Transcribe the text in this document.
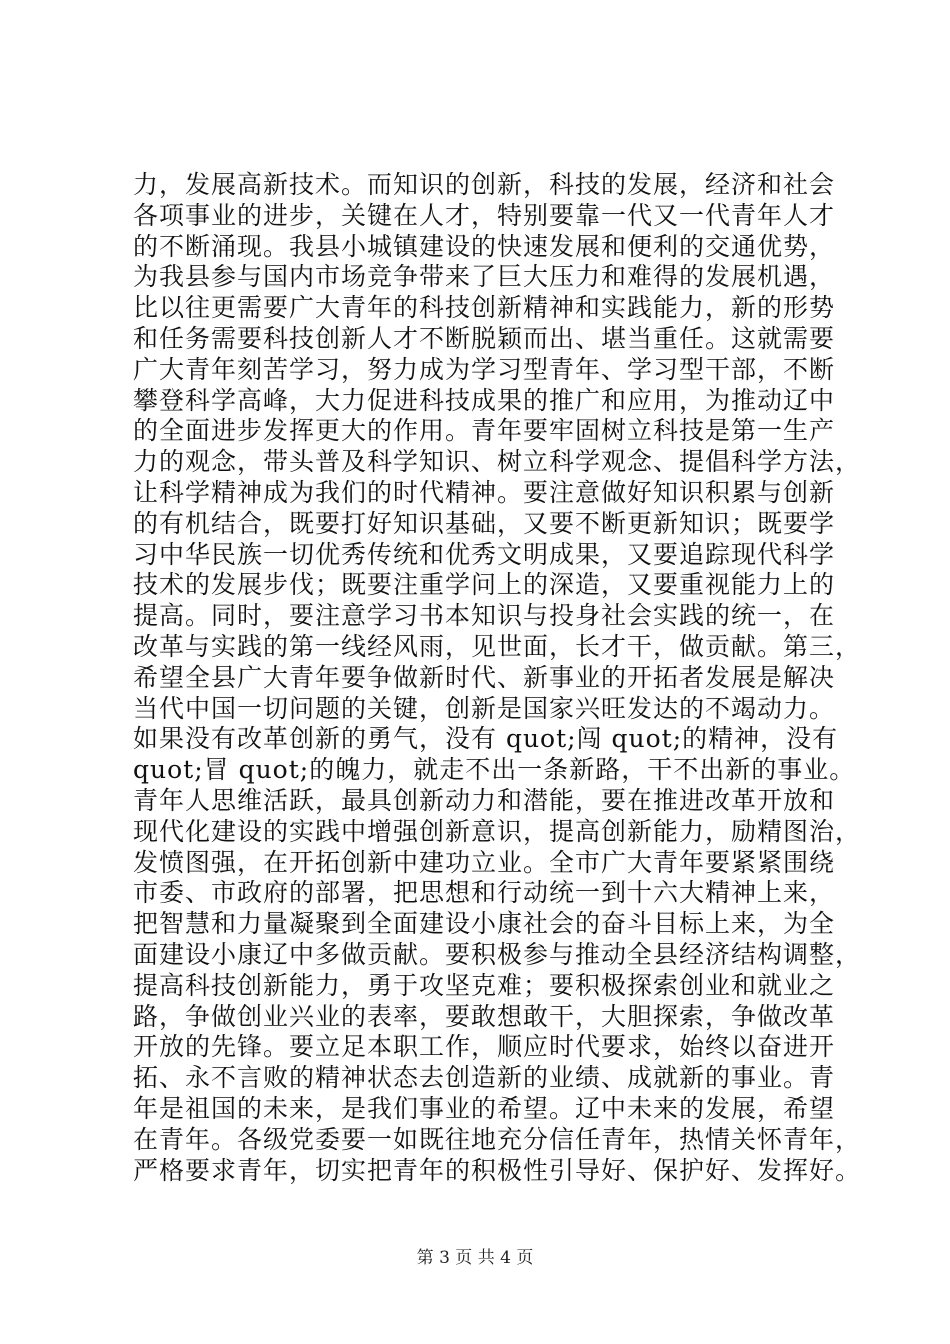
力，发展高新技术。而知识的创新，科技的发展，经济和社会
各项事业的进步，关键在人才，特别要靠一代又一代青年人才
的不断涌现。我县小城镇建设的快速发展和便利的交通优势，
为我县参与国内市场竞争带来了巨大压力和难得的发展机遇，
比以往更需要广大青年的科技创新精神和实践能力，新的形势
和任务需要科技创新人才不断脱颖而出、堪当重任。这就需要
广大青年刻苦学习，努力成为学习型青年、学习型干部，不断
攀登科学高峰，大力促进科技成果的推广和应用，为推动辽中
的全面进步发挥更大的作用。青年要牢固树立科技是第一生产
力的观念，带头普及科学知识、树立科学观念、提倡科学方法，
让科学精神成为我们的时代精神。要注意做好知识积累与创新
的有机结合，既要打好知识基础，又要不断更新知识；既要学
习中华民族一切优秀传统和优秀文明成果，又要追踪现代科学
技术的发展步伐；既要注重学问上的深造，又要重视能力上的
提高。同时，要注意学习书本知识与投身社会实践的统一，在
改革与实践的第一线经风雨，见世面，长才干，做贡献。第三，
希望全县广大青年要争做新时代、新事业的开拓者发展是解决
当代中国一切问题的关键，创新是国家兴旺发达的不竭动力。
如果没有改革创新的勇气，没有 quot;闯 quot;的精神，没有
quot;冒 quot;的魄力，就走不出一条新路，干不出新的事业。
青年人思维活跃，最具创新动力和潜能，要在推进改革开放和
现代化建设的实践中增强创新意识，提高创新能力，励精图治，
发愤图强，在开拓创新中建功立业。全市广大青年要紧紧围绕
市委、市政府的部署，把思想和行动统一到十六大精神上来，
把智慧和力量凝聚到全面建设小康社会的奋斗目标上来，为全
面建设小康辽中多做贡献。要积极参与推动全县经济结构调整，
提高科技创新能力，勇于攻坚克难；要积极探索创业和就业之
路，争做创业兴业的表率，要敢想敢干，大胆探索，争做改革
开放的先锋。要立足本职工作，顺应时代要求，始终以奋进开
拓、永不言败的精神状态去创造新的业绩、成就新的事业。青
年是祖国的未来，是我们事业的希望。辽中未来的发展，希望
在青年。各级党委要一如既往地充分信任青年，热情关怀青年，
严格要求青年，切实把青年的积极性引导好、保护好、发挥好。
第 3 页 共 4 页
